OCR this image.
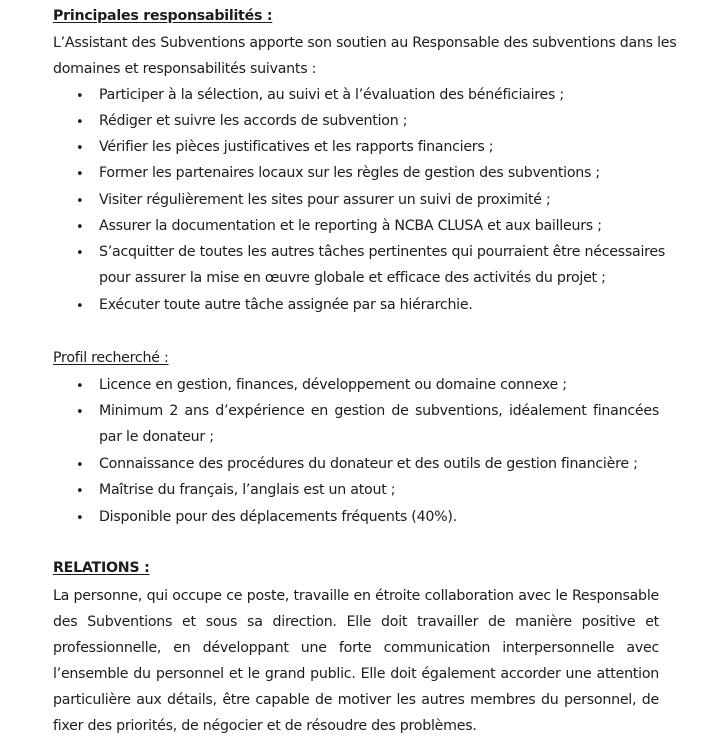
Principales responsabilités :
L’Assistant des Subventions apporte son soutien au Responsable des subventions dans les
domaines et responsabilités suivants :
• Participer à la sélection, au suivi et à l’évaluation des bénéficiaires ;
• Rédiger et suivre les accords de subvention ;
• Vérifier les pièces justificatives et les rapports financiers ;
• Former les partenaires locaux sur les règles de gestion des subventions ;
• Visiter régulièrement les sites pour assurer un suivi de proximité ;
• Assurer la documentation et le reporting à NCBA CLUSA et aux bailleurs ;
• S’acquitter de toutes les autres tâches pertinentes qui pourraient être nécessaires
pour assurer la mise en œuvre globale et efficace des activités du projet ;
• Exécuter toute autre tâche assignée par sa hiérarchie.
Profil recherché :
• Licence en gestion, finances, développement ou domaine connexe ;
• Minimum 2 ans d’expérience en gestion de subventions, idéalement financées
par le donateur ;
• Connaissance des procédures du donateur et des outils de gestion financière ;
• Maîtrise du français, l’anglais est un atout ;
• Disponible pour des déplacements fréquents (40%).
RELATIONS :
La personne, qui occupe ce poste, travaille en étroite collaboration avec le Responsable
des Subventions et sous sa direction. Elle doit travailler de manière positive et
professionnelle, en développant une forte communication interpersonnelle avec
l’ensemble du personnel et le grand public. Elle doit également accorder une attention
particulière aux détails, être capable de motiver les autres membres du personnel, de
fixer des priorités, de négocier et de résoudre des problèmes.
